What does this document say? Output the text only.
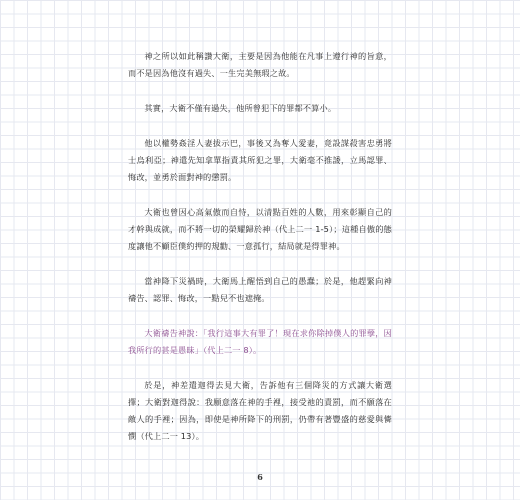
神之所以如此稱讚大衛，主要是因為他能在凡事上遵行神的旨意，而不是因為他沒有過失、一生完美無瑕之故。

其實，大衛不僅有過失，他所曾犯下的罪都不算小。

他以權勢姦淫人妻拔示巴，事後又為奪人愛妻，竟設謀殺害忠勇將士烏利亞；神遣先知拿單指責其所犯之罪，大衛毫不推諉，立馬認罪、悔改，並勇於面對神的懲罰。

大衛也曾因心高氣傲而自恃，以清點百姓的人數，用來彰顯自己的才幹與成就，而不將一切的榮耀歸於神（代上二一 1-5）；這種自傲的態度讓他不顧臣僕約押的規勸、一意孤行，結局就是得罪神。

當神降下災禍時，大衛馬上醒悟到自己的愚蠢；於是，他趕緊向神禱告、認罪、悔改，一點兒不也遮掩。

大衛禱告神說：「我行這事大有罪了！現在求你除掉僕人的罪孽，因我所行的甚是愚昧」（代上二一 8）。

於是，神差遣迦得去見大衛，告訴他有三個降災的方式讓大衛選擇；大衛對迦得說：我願意落在神的手裡，接受祂的責罰，而不願落在敵人的手裡；因為，即使是神所降下的刑罰，仍帶有著豐盛的慈愛與憐憫（代上二一 13）。

6
